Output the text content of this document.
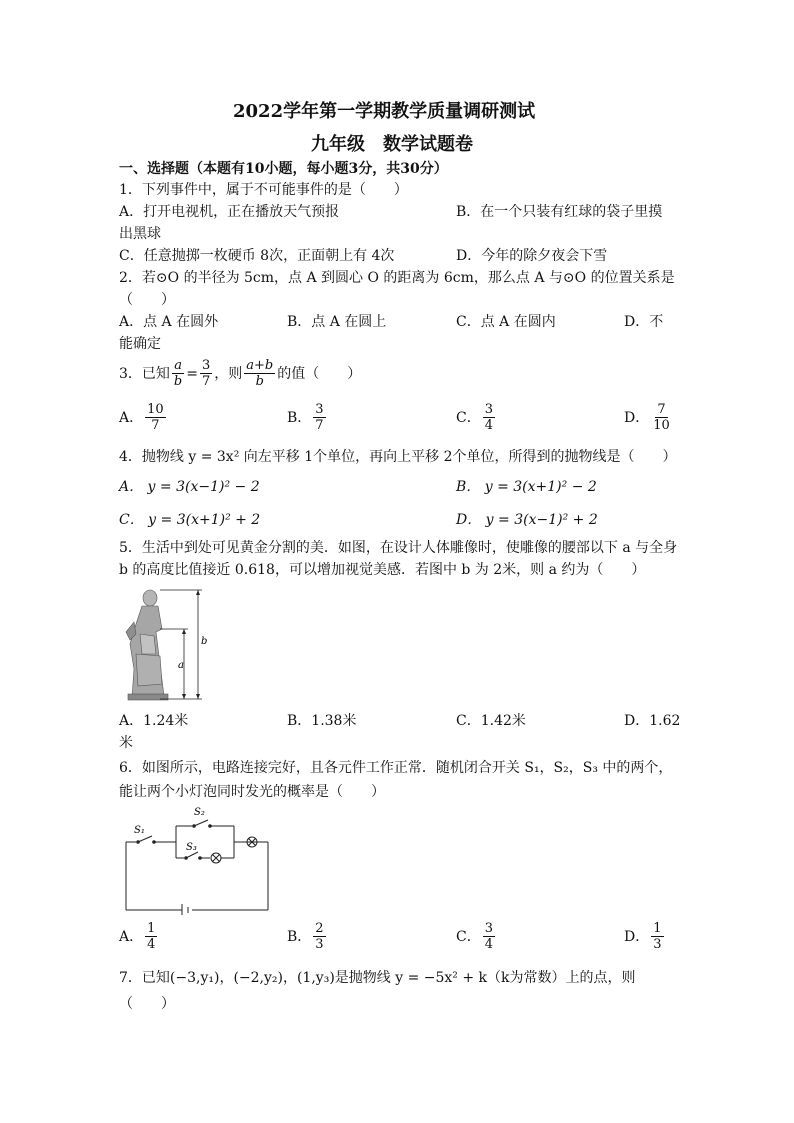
2022学年第一学期教学质量调研测试
九年级　数学试题卷
一、选择题（本题有10小题，每小题3分，共30分）
1．下列事件中，属于不可能事件的是（　　）
A．打开电视机，正在播放天气预报	B．在一个只装有红球的袋子里摸
出黑球
C．任意抛掷一枚硬币 8次，正面朝上有 4次	D．今年的除夕夜会下雪
2．若⊙O 的半径为 5cm，点 A 到圆心 O 的距离为 6cm，那么点 A 与⊙O 的位置关系是
（　　）
A．点 A 在圆外	B．点 A 在圆上	C．点 A 在圆内	D．不
能确定
3．已知 $\frac{a}{b} = \frac{3}{7}$ ，则 $\frac{a+b}{b}$ 的值（　　）
A． $\frac{10}{7}$	B． $\frac{3}{7}$	C． $\frac{3}{4}$	D． $\frac{7}{10}$
4．抛物线 y = 3x² 向左平移 1个单位，再向上平移 2个单位，所得到的抛物线是（　　）
A． y = 3(x−1)² − 2	B． y = 3(x+1)² − 2
C． y = 3(x+1)² + 2	D． y = 3(x−1)² + 2
5．生活中到处可见黄金分割的美．如图，在设计人体雕像时，使雕像的腰部以下 a 与全身
b 的高度比值接近 0.618，可以增加视觉美感．若图中 b 为 2米，则 a 约为（　　）
b
a
A．1.24米	B．1.38米	C．1.42米	D．1.62
米
6．如图所示，电路连接完好，且各元件工作正常．随机闭合开关 S₁，S₂，S₃ 中的两个，
能让两个小灯泡同时发光的概率是（　　）
S₁
S₂
S₃
A． $\frac{1}{4}$	B． $\frac{2}{3}$	C． $\frac{3}{4}$	D． $\frac{1}{3}$
7．已知(−3,y₁)，(−2,y₂)，(1,y₃)是抛物线 y = −5x² + k（k为常数）上的点，则
（　　）
